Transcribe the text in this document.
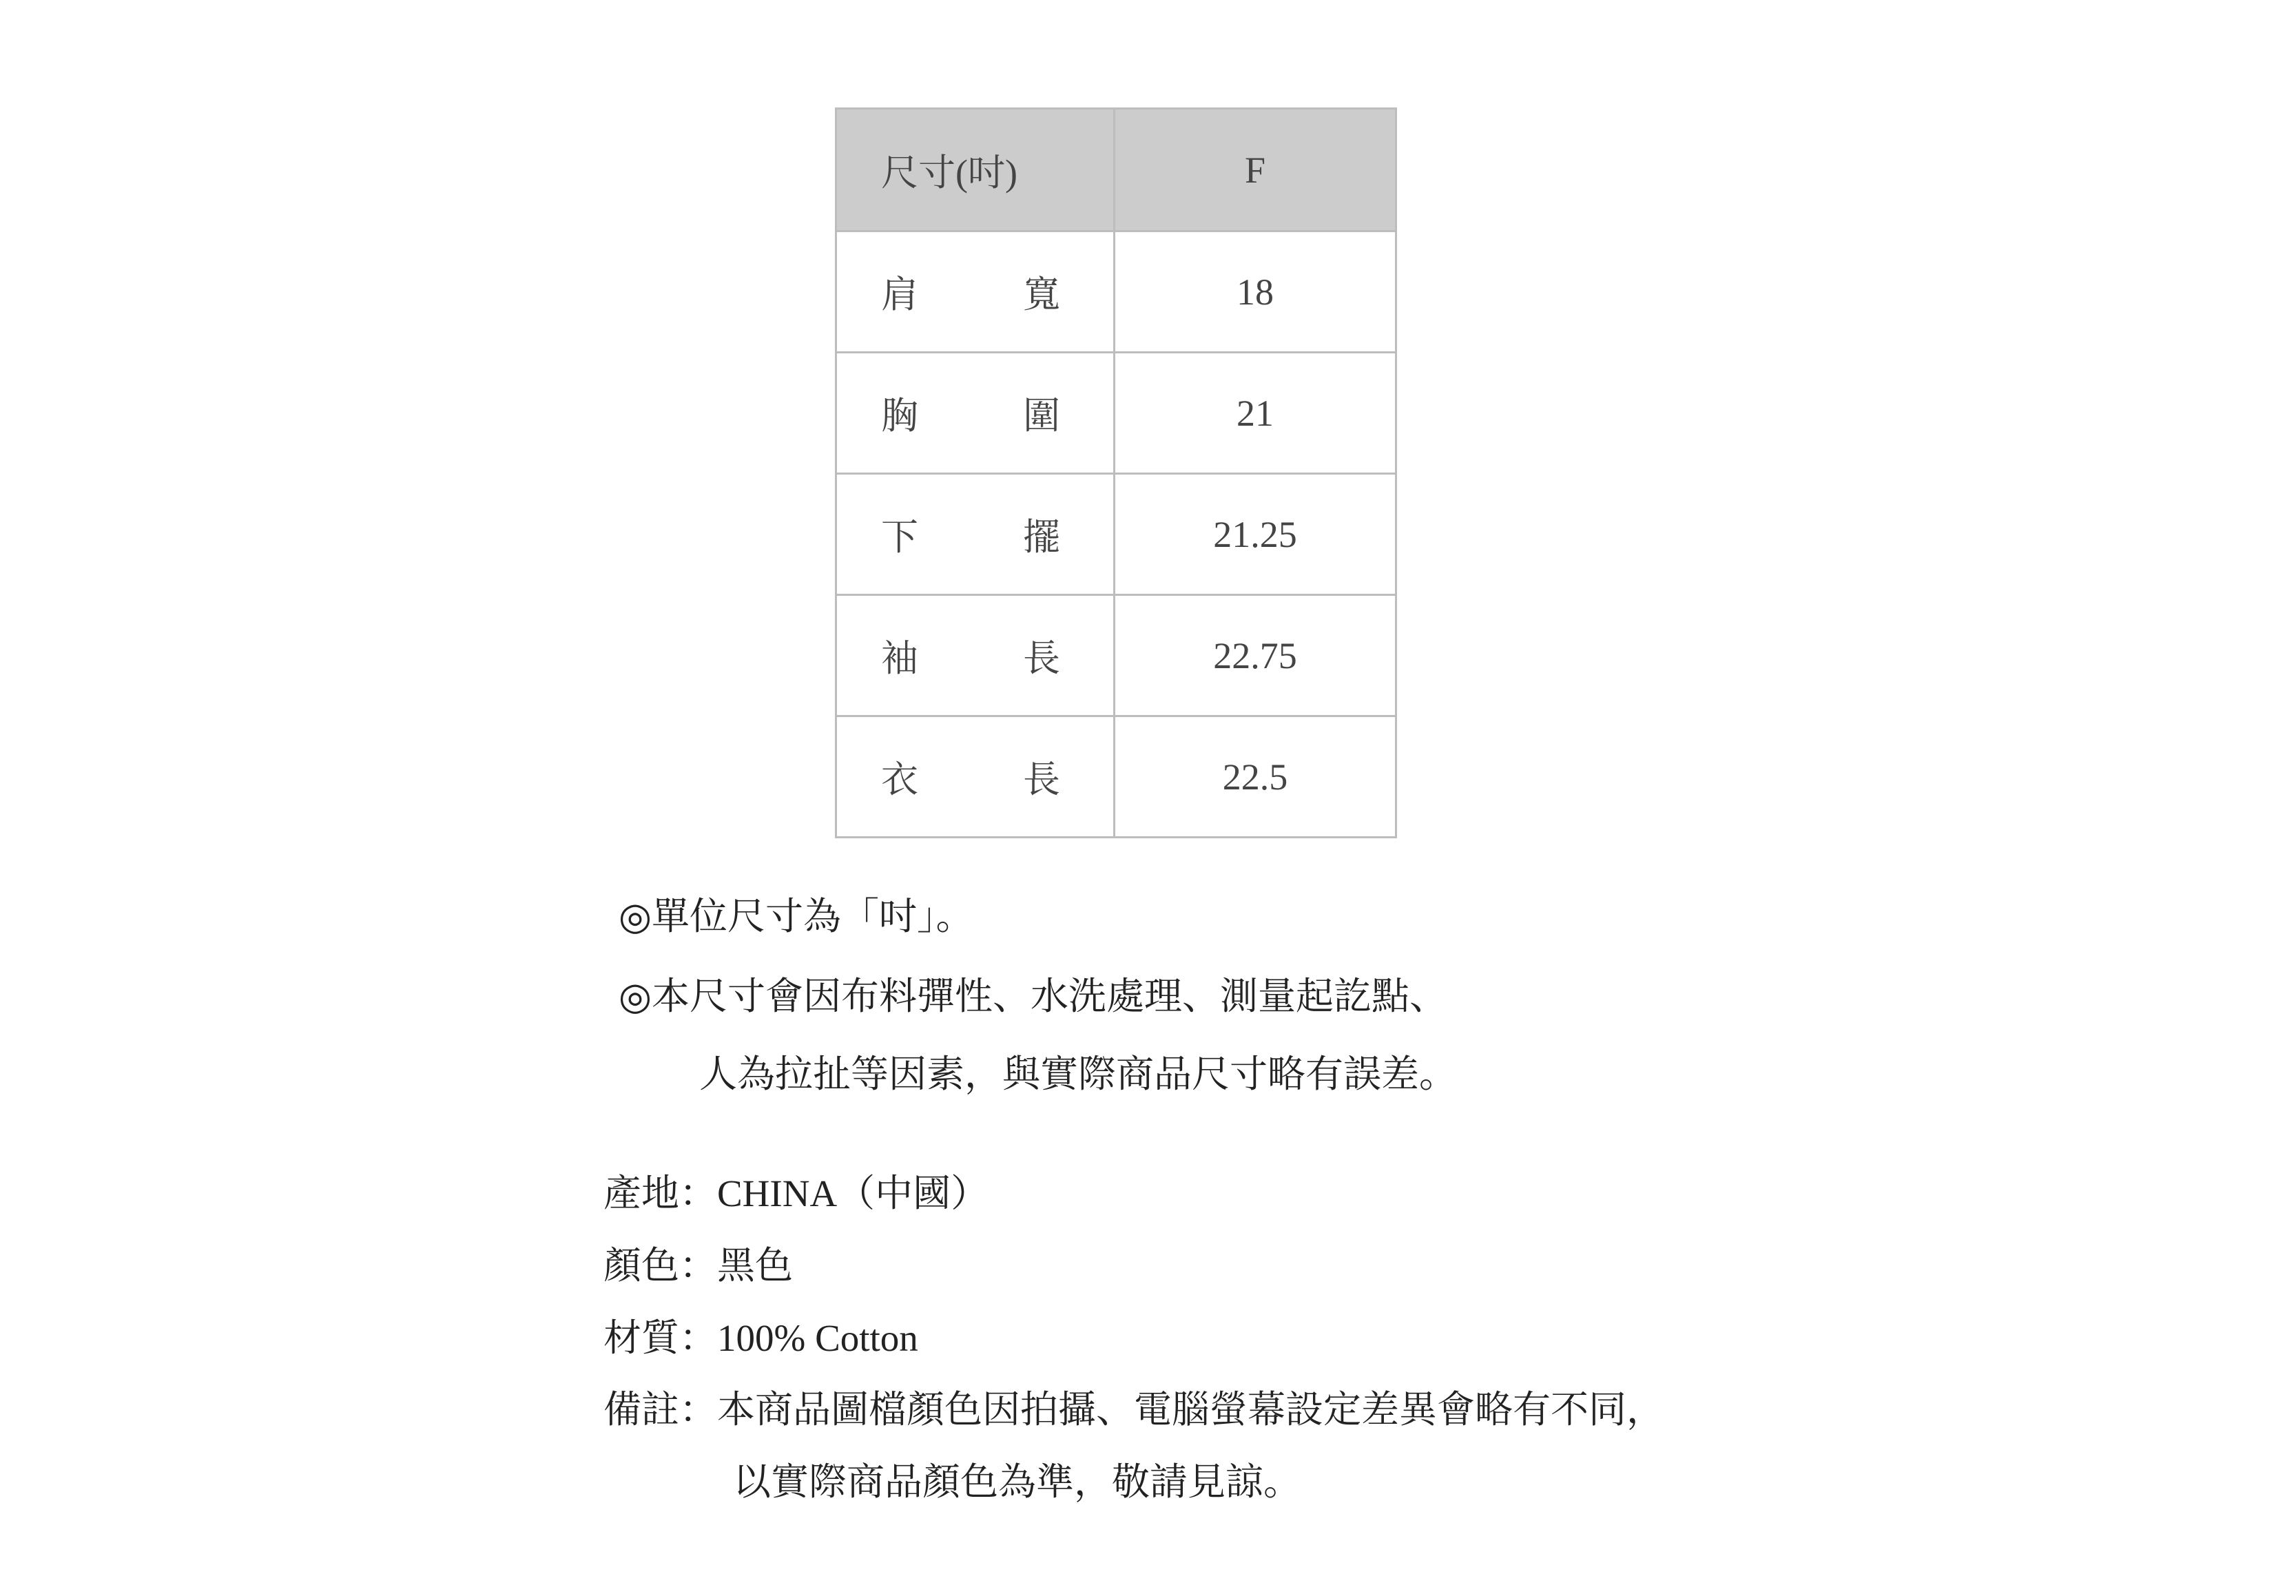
尺寸(吋)	F

肩 寬	18

胸 圍	21

下 擺	21.25

袖 長	22.75

衣 長	22.5
◎單位尺寸為「吋」。
◎本尺寸會因布料彈性、水洗處理、測量起訖點、
人為拉扯等因素，與實際商品尺寸略有誤差。
產地：CHINA（中國）
顏色：黑色
材質：100% Cotton
備註：本商品圖檔顏色因拍攝、電腦螢幕設定差異會略有不同，
以實際商品顏色為準，敬請見諒。
